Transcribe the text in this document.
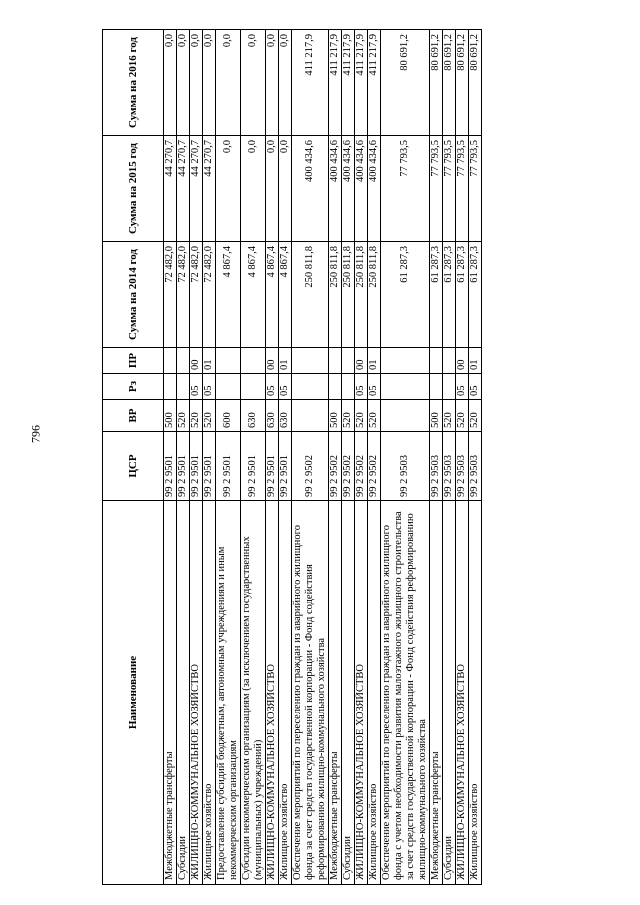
796
Наименование	ЦСР	ВР	Рз	ПР	Сумма на 2014 год	Сумма на 2015 год	Сумма на 2016 год
Межбюджетные трансферты	99 2 9501	500			72 482,0	44 270,7	0,0
Субсидии	99 2 9501	520			72 482,0	44 270,7	0,0
ЖИЛИЩНО-КОММУНАЛЬНОЕ ХОЗЯЙСТВО	99 2 9501	520	05	00	72 482,0	44 270,7	0,0
Жилищное хозяйство	99 2 9501	520	05	01	72 482,0	44 270,7	0,0
Предоставление субсидий бюджетным, автономным учреждениям и иным некоммерческим организациям	99 2 9501	600			4 867,4	0,0	0,0
Субсидии некоммерческим организациям (за исключением государственных (муниципальных) учреждений)	99 2 9501	630			4 867,4	0,0	0,0
ЖИЛИЩНО-КОММУНАЛЬНОЕ ХОЗЯЙСТВО	99 2 9501	630	05	00	4 867,4	0,0	0,0
Жилищное хозяйство	99 2 9501	630	05	01	4 867,4	0,0	0,0
Обеспечение мероприятий по переселению граждан из аварийного жилищного фонда за счет средств государственной корпорации - Фонд содействия реформированию жилищно-коммунального хозяйства	99 2 9502				250 811,8	400 434,6	411 217,9
Межбюджетные трансферты	99 2 9502	500			250 811,8	400 434,6	411 217,9
Субсидии	99 2 9502	520			250 811,8	400 434,6	411 217,9
ЖИЛИЩНО-КОММУНАЛЬНОЕ ХОЗЯЙСТВО	99 2 9502	520	05	00	250 811,8	400 434,6	411 217,9
Жилищное хозяйство	99 2 9502	520	05	01	250 811,8	400 434,6	411 217,9
Обеспечение мероприятий по переселению граждан из аварийного жилищного фонда с учетом необходимости развития малоэтажного жилищного строительства за счет средств государственной корпорации - Фонд содействия реформированию жилищно-коммунального хозяйства	99 2 9503				61 287,3	77 793,5	80 691,2
Межбюджетные трансферты	99 2 9503	500			61 287,3	77 793,5	80 691,2
Субсидии	99 2 9503	520			61 287,3	77 793,5	80 691,2
ЖИЛИЩНО-КОММУНАЛЬНОЕ ХОЗЯЙСТВО	99 2 9503	520	05	00	61 287,3	77 793,5	80 691,2
Жилищное хозяйство	99 2 9503	520	05	01	61 287,3	77 793,5	80 691,2
